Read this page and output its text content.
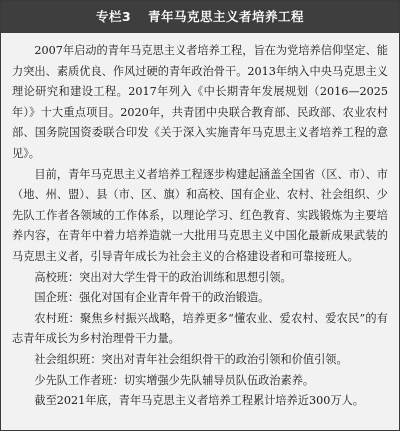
专栏3 青年马克思主义者培养工程

2007年启动的青年马克思主义者培养工程，旨在为党培养信仰坚定、能力突出、素质优良、作风过硬的青年政治骨干。2013年纳入中央马克思主义理论研究和建设工程。2017年列入《中长期青年发展规划（2016—2025年）》十大重点项目。2020年，共青团中央联合教育部、民政部、农业农村部、国务院国资委联合印发《关于深入实施青年马克思主义者培养工程的意见》。

目前，青年马克思主义者培养工程逐步构建起涵盖全国省（区、市）、市（地、州、盟）、县（市、区、旗）和高校、国有企业、农村、社会组织、少先队工作者各领域的工作体系，以理论学习、红色教育、实践锻炼为主要培养内容，在青年中着力培养造就一大批用马克思主义中国化最新成果武装的马克思主义者，引导青年成长为社会主义的合格建设者和可靠接班人。

高校班：突出对大学生骨干的政治训练和思想引领。

国企班：强化对国有企业青年骨干的政治锻造。

农村班：聚焦乡村振兴战略，培养更多“懂农业、爱农村、爱农民”的有志青年成长为乡村治理骨干力量。

社会组织班：突出对青年社会组织骨干的政治引领和价值引领。

少先队工作者班：切实增强少先队辅导员队伍政治素养。

截至2021年底，青年马克思主义者培养工程累计培养近300万人。
